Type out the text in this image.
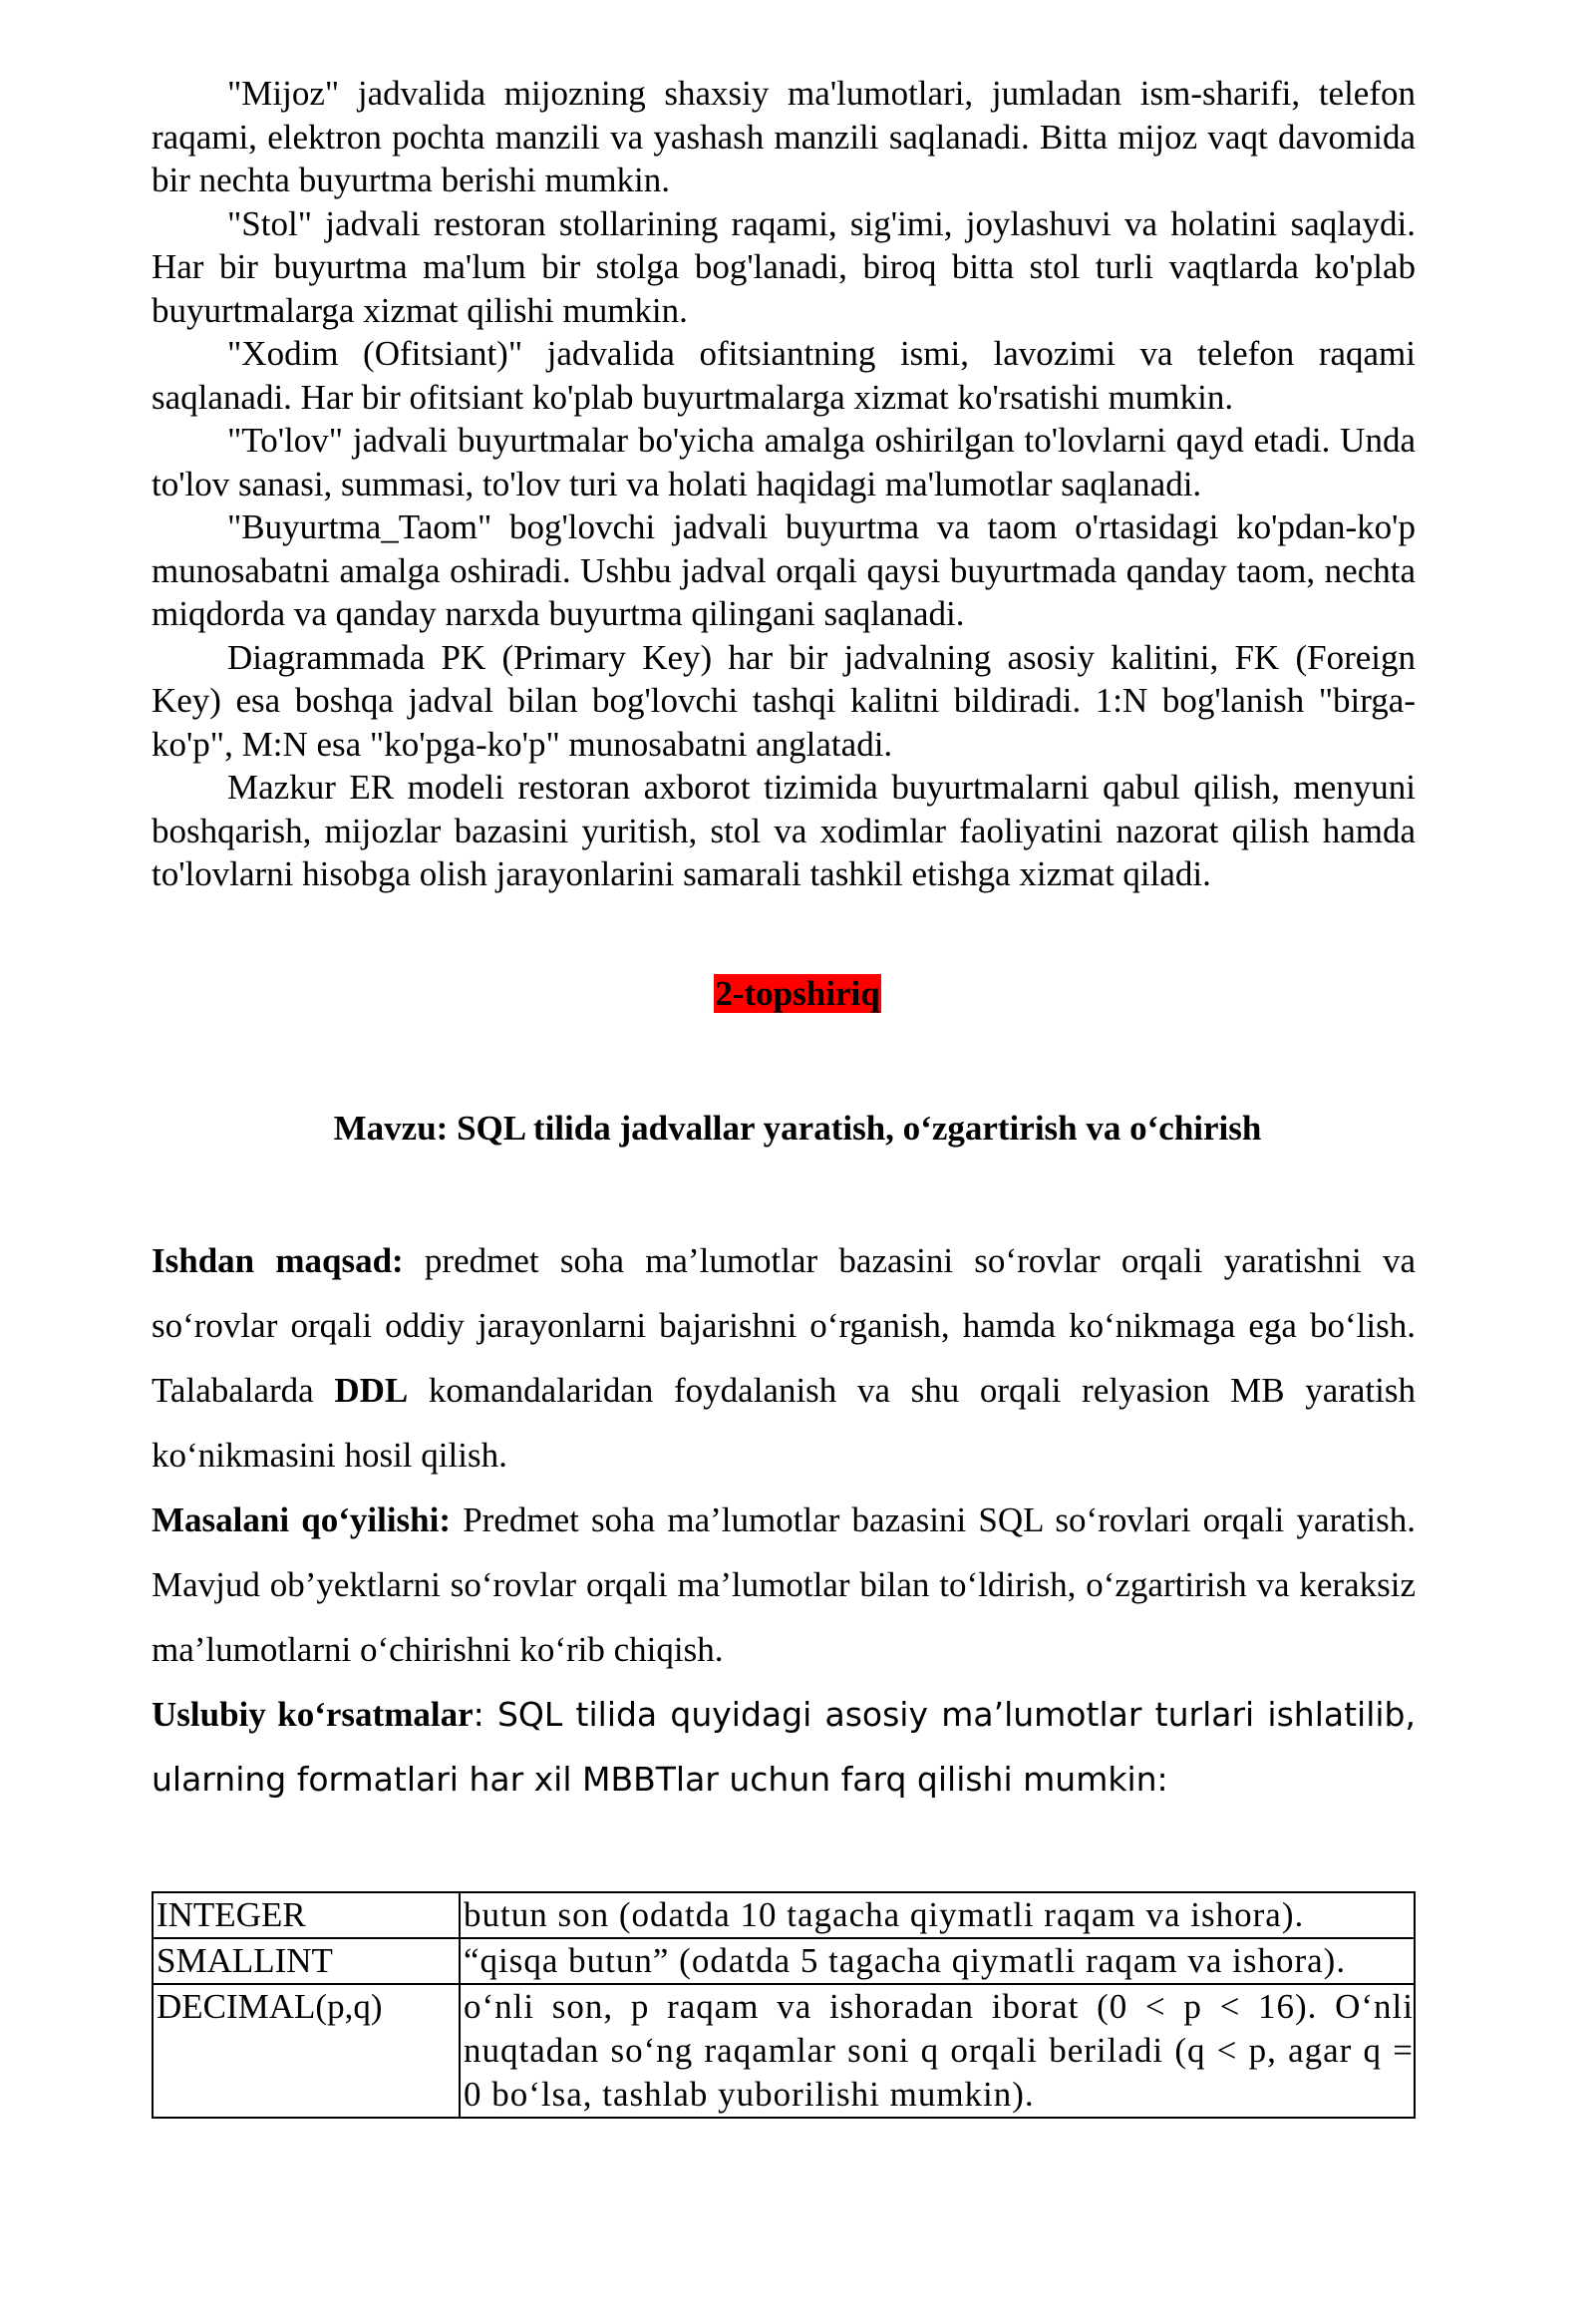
"Mijoz" jadvalida mijozning shaxsiy ma'lumotlari, jumladan ism-sharifi, telefon raqami, elektron pochta manzili va yashash manzili saqlanadi. Bitta mijoz vaqt davomida bir nechta buyurtma berishi mumkin.

"Stol" jadvali restoran stollarining raqami, sig'imi, joylashuvi va holatini saqlaydi. Har bir buyurtma ma'lum bir stolga bog'lanadi, biroq bitta stol turli vaqtlarda ko'plab buyurtmalarga xizmat qilishi mumkin.

"Xodim (Ofitsiant)" jadvalida ofitsiantning ismi, lavozimi va telefon raqami saqlanadi. Har bir ofitsiant ko'plab buyurtmalarga xizmat ko'rsatishi mumkin.

"To'lov" jadvali buyurtmalar bo'yicha amalga oshirilgan to'lovlarni qayd etadi. Unda to'lov sanasi, summasi, to'lov turi va holati haqidagi ma'lumotlar saqlanadi.

"Buyurtma_Taom" bog'lovchi jadvali buyurtma va taom o'rtasidagi ko'pdan-ko'p munosabatni amalga oshiradi. Ushbu jadval orqali qaysi buyurtmada qanday taom, nechta miqdorda va qanday narxda buyurtma qilingani saqlanadi.

Diagrammada PK (Primary Key) har bir jadvalning asosiy kalitini, FK (Foreign Key) esa boshqa jadval bilan bog'lovchi tashqi kalitni bildiradi. 1:N bog'lanish "birga-ko'p", M:N esa "ko'pga-ko'p" munosabatni anglatadi.

Mazkur ER modeli restoran axborot tizimida buyurtmalarni qabul qilish, menyuni boshqarish, mijozlar bazasini yuritish, stol va xodimlar faoliyatini nazorat qilish hamda to'lovlarni hisobga olish jarayonlarini samarali tashkil etishga xizmat qiladi.

2-topshiriq
Mavzu: SQL tilida jadvallar yaratish, o‘zgartirish va o‘chirish

Ishdan maqsad: predmet soha ma’lumotlar bazasini so‘rovlar orqali yaratishni va so‘rovlar orqali oddiy jarayonlarni bajarishni o‘rganish, hamda ko‘nikmaga ega bo‘lish. Talabalarda DDL komandalaridan foydalanish va shu orqali relyasion MB yaratish ko‘nikmasini hosil qilish.

Masalani qo‘yilishi: Predmet soha ma’lumotlar bazasini SQL so‘rovlari orqali yaratish. Mavjud ob’yektlarni so‘rovlar orqali ma’lumotlar bilan to‘ldirish, o‘zgartirish va keraksiz ma’lumotlarni o‘chirishni ko‘rib chiqish.

Uslubiy ko‘rsatmalar: SQL tilida quyidagi asosiy ma’lumotlar turlari ishlatilib, ularning formatlari har xil MBBTlar uchun farq qilishi mumkin:

INTEGER	butun son (odatda 10 tagacha qiymatli raqam va ishora).
SMALLINT	“qisqa butun” (odatda 5 tagacha qiymatli raqam va ishora).
DECIMAL(p,q)	o‘nli son, p raqam va ishoradan iborat (0 < p < 16). O‘nli nuqtadan so‘ng raqamlar soni q orqali beriladi (q < p, agar q = 0 bo‘lsa, tashlab yuborilishi mumkin).
